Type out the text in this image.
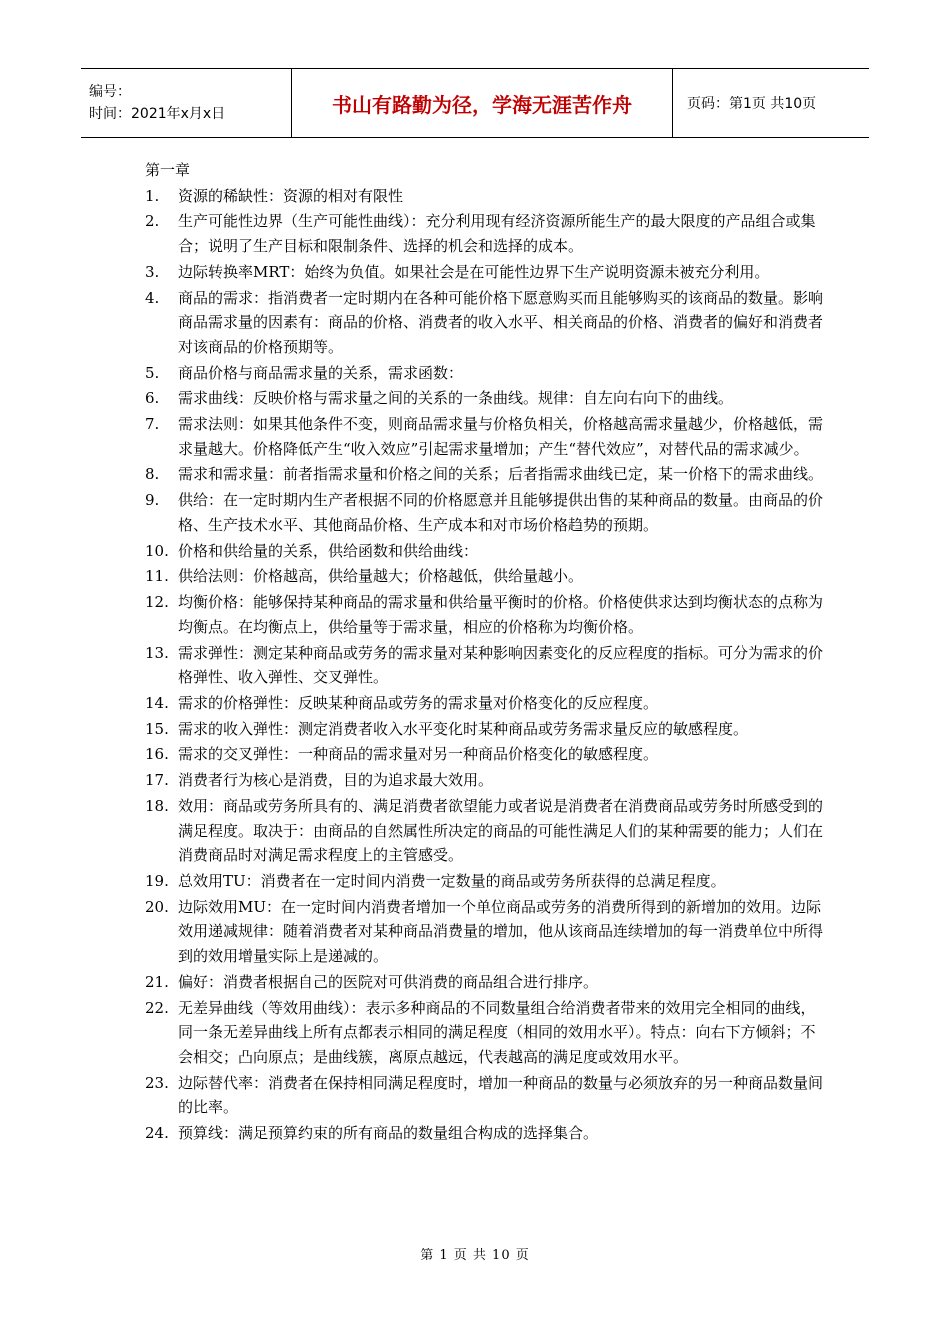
编号：
时间：2021年x月x日	书山有路勤为径，学海无涯苦作舟	页码：第1页 共10页
第一章
1.	资源的稀缺性：资源的相对有限性
2.	生产可能性边界（生产可能性曲线）：充分利用现有经济资源所能生产的最大限度的产品组合或集合；说明了生产目标和限制条件、选择的机会和选择的成本。
3.	边际转换率MRT：始终为负值。如果社会是在可能性边界下生产说明资源未被充分利用。
4.	商品的需求：指消费者一定时期内在各种可能价格下愿意购买而且能够购买的该商品的数量。影响商品需求量的因素有：商品的价格、消费者的收入水平、相关商品的价格、消费者的偏好和消费者对该商品的价格预期等。
5.	商品价格与商品需求量的关系，需求函数：
6.	需求曲线：反映价格与需求量之间的关系的一条曲线。规律：自左向右向下的曲线。
7.	需求法则：如果其他条件不变，则商品需求量与价格负相关，价格越高需求量越少，价格越低，需求量越大。价格降低产生“收入效应”引起需求量增加；产生“替代效应”，对替代品的需求减少。
8.	需求和需求量：前者指需求量和价格之间的关系；后者指需求曲线已定，某一价格下的需求曲线。
9.	供给：在一定时期内生产者根据不同的价格愿意并且能够提供出售的某种商品的数量。由商品的价格、生产技术水平、其他商品价格、生产成本和对市场价格趋势的预期。
10. 价格和供给量的关系，供给函数和供给曲线：
11. 供给法则：价格越高，供给量越大；价格越低，供给量越小。
12. 均衡价格：能够保持某种商品的需求量和供给量平衡时的价格。价格使供求达到均衡状态的点称为均衡点。在均衡点上，供给量等于需求量，相应的价格称为均衡价格。
13. 需求弹性：测定某种商品或劳务的需求量对某种影响因素变化的反应程度的指标。可分为需求的价格弹性、收入弹性、交叉弹性。
14. 需求的价格弹性：反映某种商品或劳务的需求量对价格变化的反应程度。
15. 需求的收入弹性：测定消费者收入水平变化时某种商品或劳务需求量反应的敏感程度。
16. 需求的交叉弹性：一种商品的需求量对另一种商品价格变化的敏感程度。
17. 消费者行为核心是消费，目的为追求最大效用。
18. 效用：商品或劳务所具有的、满足消费者欲望能力或者说是消费者在消费商品或劳务时所感受到的满足程度。取决于：由商品的自然属性所决定的商品的可能性满足人们的某种需要的能力；人们在消费商品时对满足需求程度上的主管感受。
19. 总效用TU：消费者在一定时间内消费一定数量的商品或劳务所获得的总满足程度。
20. 边际效用MU：在一定时间内消费者增加一个单位商品或劳务的消费所得到的新增加的效用。边际效用递减规律：随着消费者对某种商品消费量的增加，他从该商品连续增加的每一消费单位中所得到的效用增量实际上是递减的。
21. 偏好：消费者根据自己的医院对可供消费的商品组合进行排序。
22. 无差异曲线（等效用曲线）：表示多种商品的不同数量组合给消费者带来的效用完全相同的曲线，同一条无差异曲线上所有点都表示相同的满足程度（相同的效用水平）。特点：向右下方倾斜；不会相交；凸向原点；是曲线簇，离原点越远，代表越高的满足度或效用水平。
23. 边际替代率：消费者在保持相同满足程度时，增加一种商品的数量与必须放弃的另一种商品数量间的比率。
24. 预算线：满足预算约束的所有商品的数量组合构成的选择集合。
第 1 页 共 10 页
